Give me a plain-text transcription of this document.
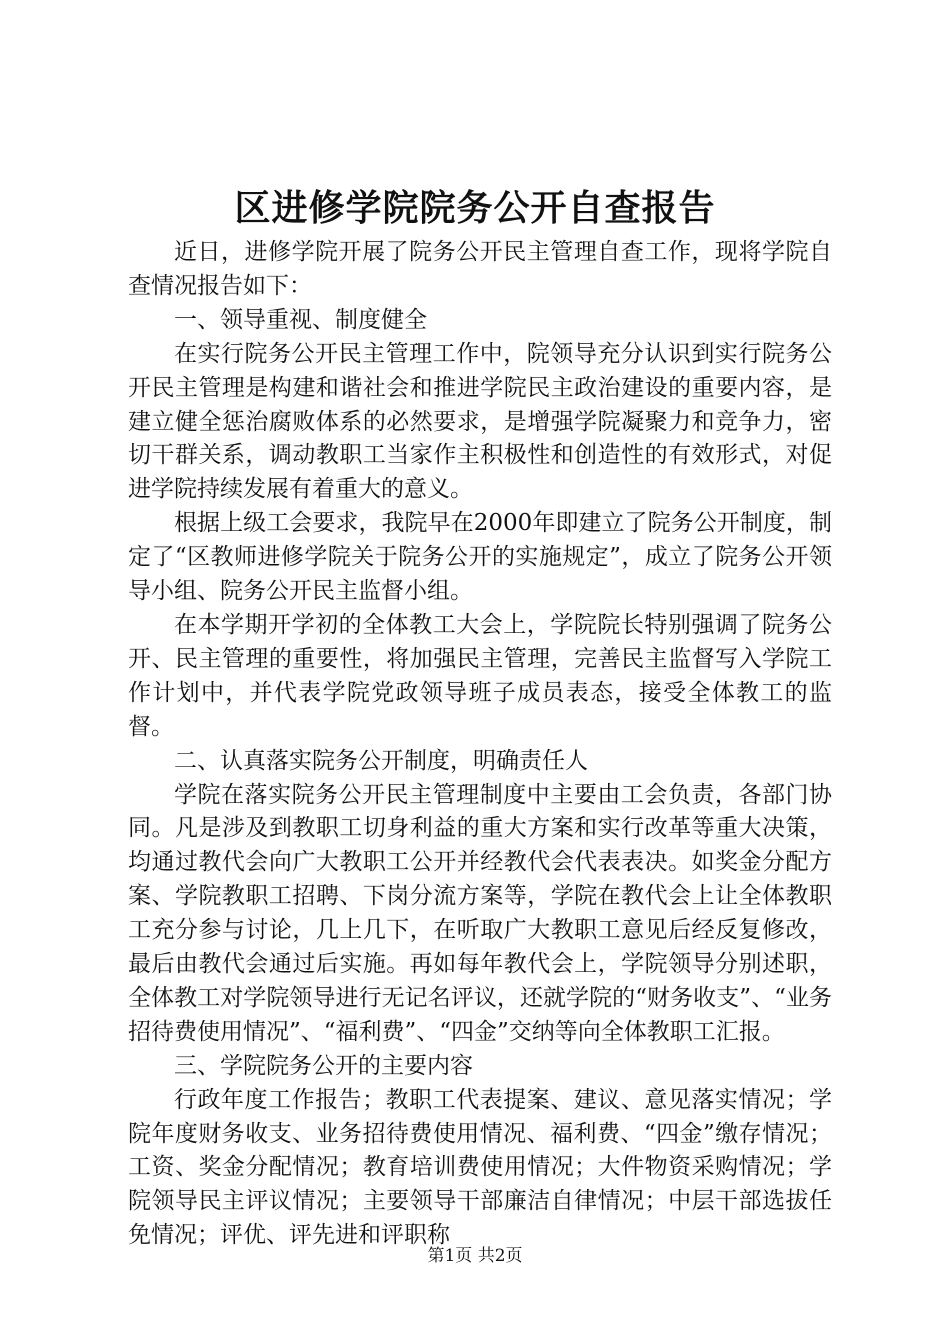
区进修学院院务公开自查报告

近日，进修学院开展了院务公开民主管理自查工作，现将学院自查情况报告如下：

一、领导重视、制度健全

在实行院务公开民主管理工作中，院领导充分认识到实行院务公开民主管理是构建和谐社会和推进学院民主政治建设的重要内容，是建立健全惩治腐败体系的必然要求，是增强学院凝聚力和竞争力，密切干群关系，调动教职工当家作主积极性和创造性的有效形式，对促进学院持续发展有着重大的意义。

根据上级工会要求，我院早在2000年即建立了院务公开制度，制定了“区教师进修学院关于院务公开的实施规定”，成立了院务公开领导小组、院务公开民主监督小组。

在本学期开学初的全体教工大会上，学院院长特别强调了院务公开、民主管理的重要性，将加强民主管理，完善民主监督写入学院工作计划中，并代表学院党政领导班子成员表态，接受全体教工的监督。

二、认真落实院务公开制度，明确责任人

学院在落实院务公开民主管理制度中主要由工会负责，各部门协同。凡是涉及到教职工切身利益的重大方案和实行改革等重大决策，均通过教代会向广大教职工公开并经教代会代表表决。如奖金分配方案、学院教职工招聘、下岗分流方案等，学院在教代会上让全体教职工充分参与讨论，几上几下，在听取广大教职工意见后经反复修改，最后由教代会通过后实施。再如每年教代会上，学院领导分别述职，全体教工对学院领导进行无记名评议，还就学院的“财务收支”、“业务招待费使用情况”、“福利费”、“四金”交纳等向全体教职工汇报。

三、学院院务公开的主要内容

行政年度工作报告；教职工代表提案、建议、意见落实情况；学院年度财务收支、业务招待费使用情况、福利费、“四金”缴存情况；工资、奖金分配情况；教育培训费使用情况；大件物资采购情况；学院领导民主评议情况；主要领导干部廉洁自律情况；中层干部选拔任免情况；评优、评先进和评职称

第1页 共2页
